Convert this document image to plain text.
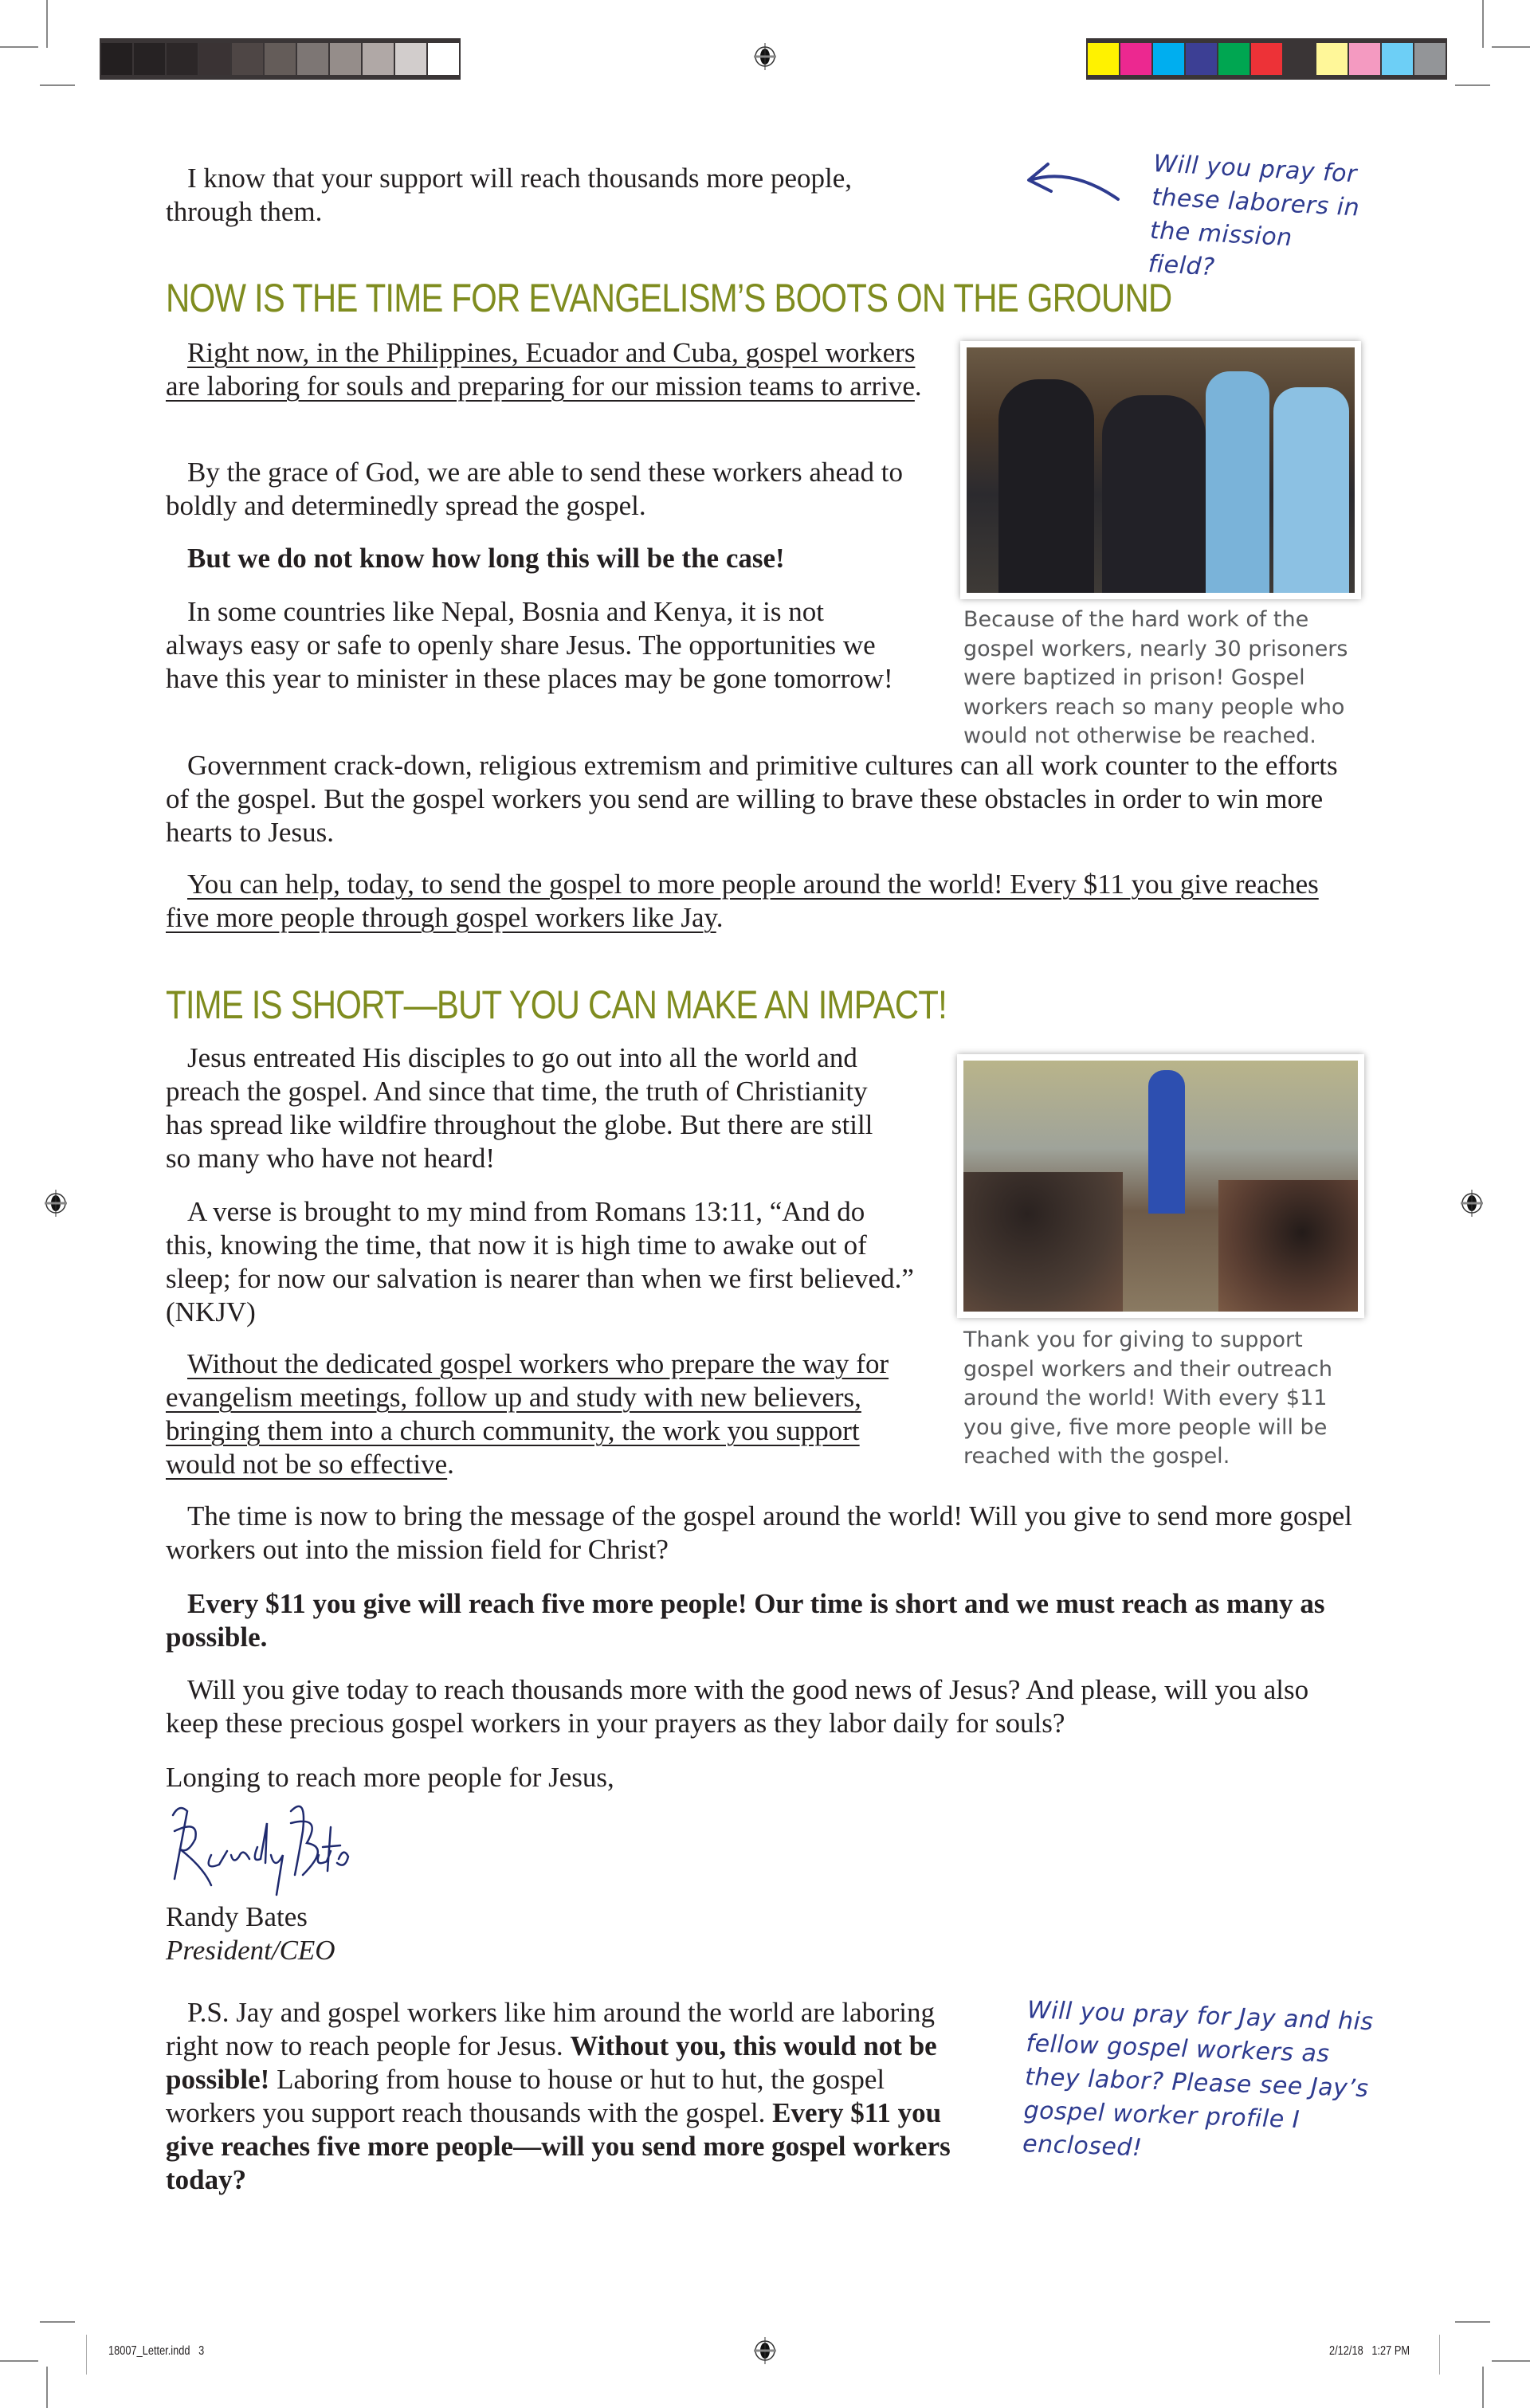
I know that your support will reach thousands more people, through them.

Will you pray for these laborers in the mission field?
NOW IS THE TIME FOR EVANGELISM’S BOOTS ON THE GROUND

Right now, in the Philippines, Ecuador and Cuba, gospel workers are laboring for souls and preparing for our mission teams to arrive.

By the grace of God, we are able to send these workers ahead to boldly and determinedly spread the gospel.

But we do not know how long this will be the case!

In some countries like Nepal, Bosnia and Kenya, it is not always easy or safe to openly share Jesus. The opportunities we have this year to minister in these places may be gone tomorrow!

Because of the hard work of the gospel workers, nearly 30 prisoners were baptized in prison! Gospel workers reach so many people who would not otherwise be reached.

Government crack-down, religious extremism and primitive cultures can all work counter to the efforts of the gospel. But the gospel workers you send are willing to brave these obstacles in order to win more hearts to Jesus.

You can help, today, to send the gospel to more people around the world! Every $11 you give reaches five more people through gospel workers like Jay.

TIME IS SHORT—BUT YOU CAN MAKE AN IMPACT!

Jesus entreated His disciples to go out into all the world and preach the gospel. And since that time, the truth of Christianity has spread like wildfire throughout the globe. But there are still so many who have not heard!

A verse is brought to my mind from Romans 13:11, “And do this, knowing the time, that now it is high time to awake out of sleep; for now our salvation is nearer than when we first believed.” (NKJV)

Without the dedicated gospel workers who prepare the way for evangelism meetings, follow up and study with new believers, bringing them into a church community, the work you support would not be so effective.

Thank you for giving to support gospel workers and their outreach around the world! With every $11 you give, five more people will be reached with the gospel.

The time is now to bring the message of the gospel around the world! Will you give to send more gospel workers out into the mission field for Christ?

Every $11 you give will reach five more people! Our time is short and we must reach as many as possible.

Will you give today to reach thousands more with the good news of Jesus? And please, will you also keep these precious gospel workers in your prayers as they labor daily for souls?

Longing to reach more people for Jesus,

Randy Bates

President/CEO

P.S. Jay and gospel workers like him around the world are laboring right now to reach people for Jesus. Without you, this would not be possible! Laboring from house to house or hut to hut, the gospel workers you support reach thousands with the gospel. Every $11 you give reaches five more people—will you send more gospel workers today?

Will you pray for Jay and his fellow gospel workers as they labor? Please see Jay’s gospel worker profile I enclosed!
18007_Letter.indd   3	2/12/18   1:27 PM
